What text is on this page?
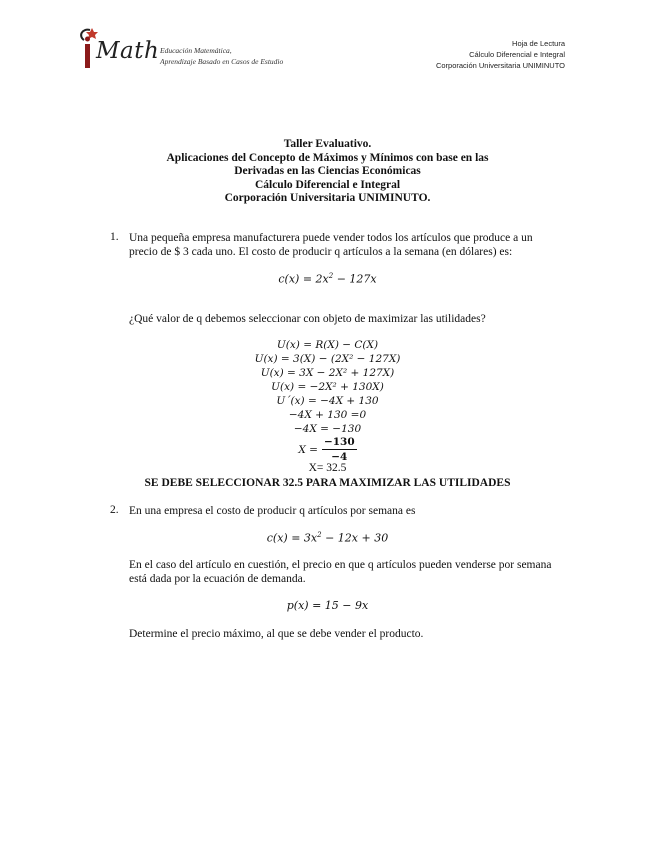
Math Educación Matemática,
Aprendizaje Basado en Casos de Estudio
Hoja de Lectura
Cálculo Diferencial e Integral
Corporación Universitaria UNIMINUTO
Taller Evaluativo.
Aplicaciones del Concepto de Máximos y Mínimos con base en las
Derivadas en las Ciencias Económicas
Cálculo Diferencial e Integral
Corporación Universitaria UNIMINUTO.
1. Una pequeña empresa manufacturera puede vender todos los artículos que produce a un
precio de $ 3 cada uno. El costo de producir q artículos a la semana (en dólares) es:
$c(x) = 2x^2 - 127x$
¿Qué valor de q debemos seleccionar con objeto de maximizar las utilidades?
U(x) = R(X) − C(X)
U(x) = 3(X) − (2X² − 127X)
U(x) = 3X − 2X² + 127X)
U(x) = −2X² + 130X)
U´(x) = −4X + 130
−4X + 130 =0
−4X = −130
$X = \frac{-130}{-4}$
X= 32.5
SE DEBE SELECCIONAR 32.5 PARA MAXIMIZAR LAS UTILIDADES
2. En una empresa el costo de producir q artículos por semana es
$c(x) = 3x^2 - 12x + 30$
En el caso del artículo en cuestión, el precio en que q artículos pueden venderse por semana
está dada por la ecuación de demanda.
p(x) = 15 − 9x
Determine el precio máximo, al que se debe vender el producto.
